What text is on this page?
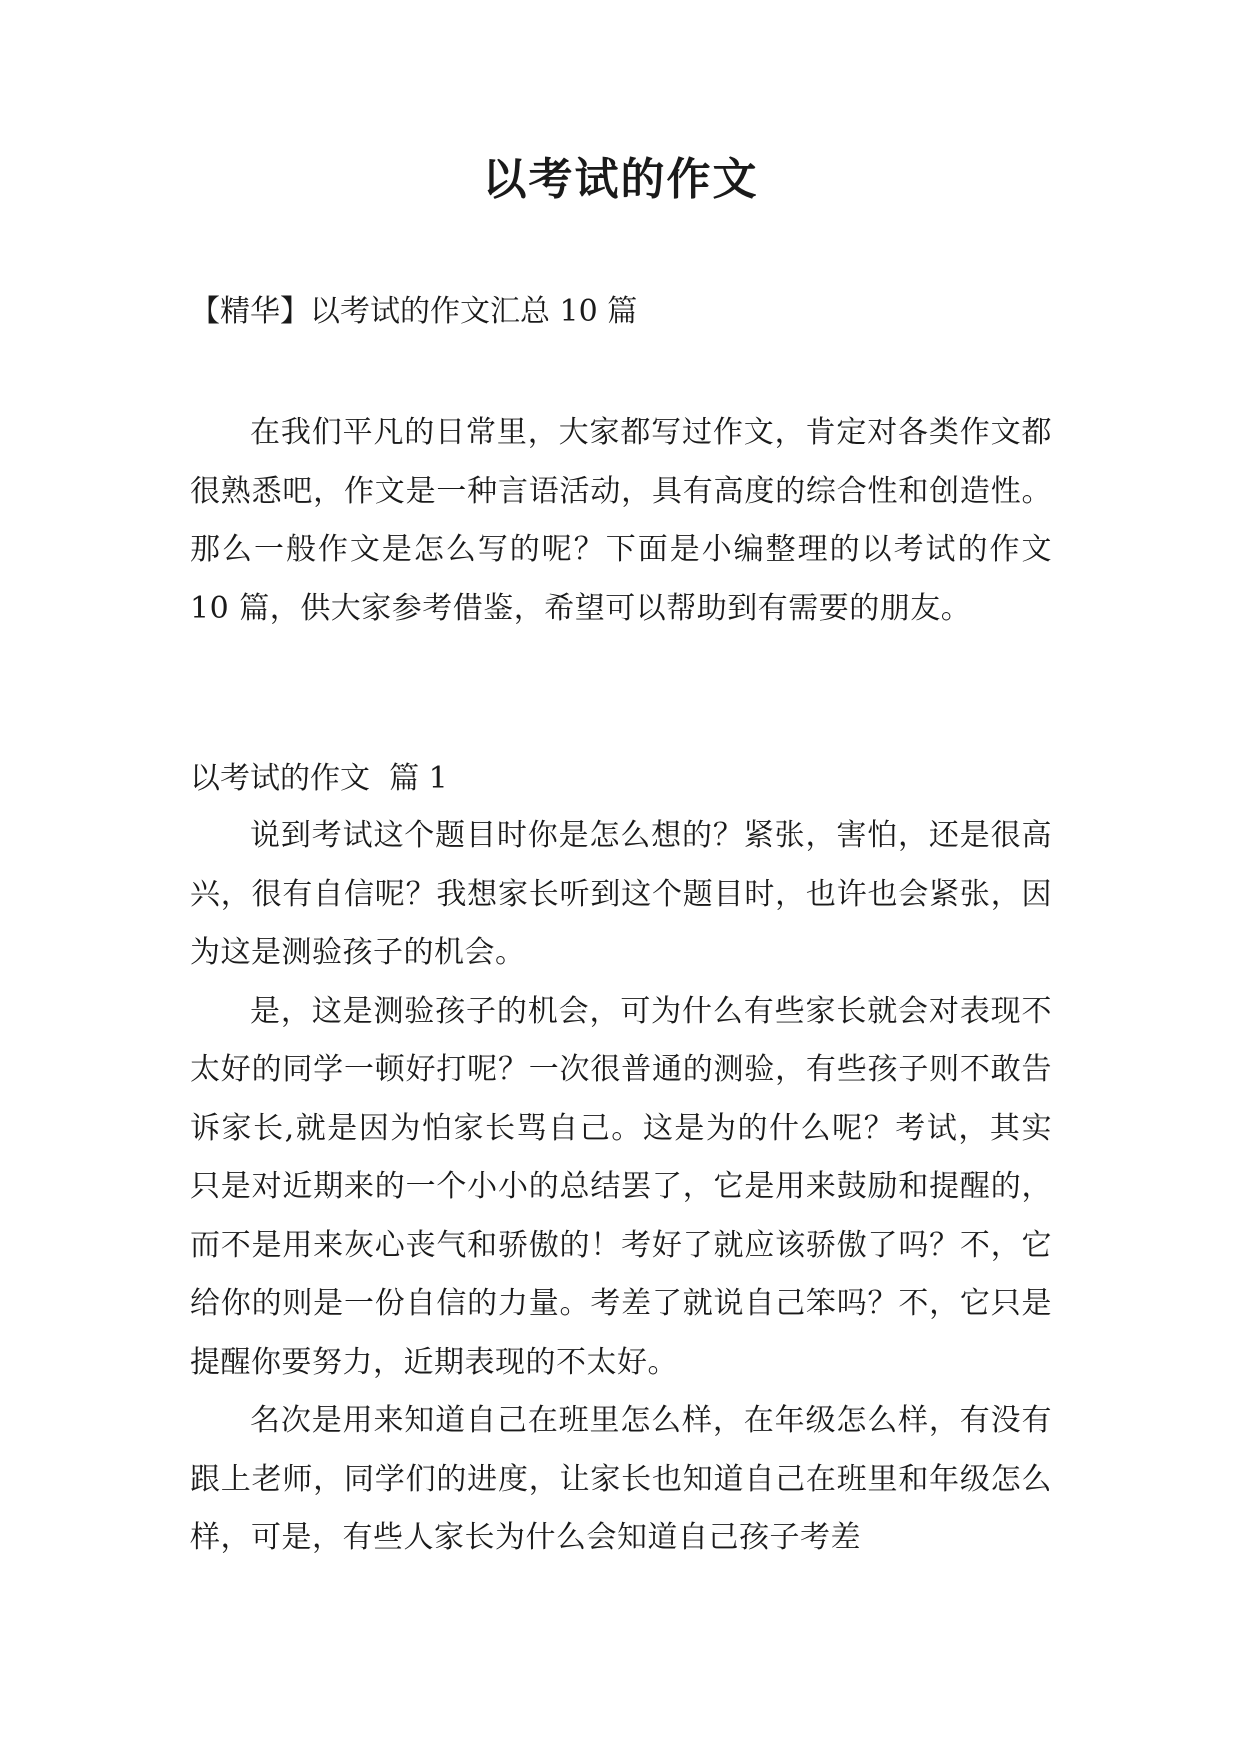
以考试的作文
【精华】以考试的作文汇总 10 篇

在我们平凡的日常里，大家都写过作文，肯定对各类作文都很熟悉吧，作文是一种言语活动，具有高度的综合性和创造性。那么一般作文是怎么写的呢？下面是小编整理的以考试的作文 10 篇，供大家参考借鉴，希望可以帮助到有需要的朋友。

以考试的作文  篇 1

说到考试这个题目时你是怎么想的？紧张，害怕，还是很高兴，很有自信呢？我想家长听到这个题目时，也许也会紧张，因为这是测验孩子的机会。

是，这是测验孩子的机会，可为什么有些家长就会对表现不太好的同学一顿好打呢？一次很普通的测验，有些孩子则不敢告诉家长,就是因为怕家长骂自己。这是为的什么呢？考试，其实只是对近期来的一个小小的总结罢了，它是用来鼓励和提醒的，而不是用来灰心丧气和骄傲的！考好了就应该骄傲了吗？不，它给你的则是一份自信的力量。考差了就说自己笨吗？不，它只是提醒你要努力，近期表现的不太好。

名次是用来知道自己在班里怎么样，在年级怎么样，有没有跟上老师，同学们的进度，让家长也知道自己在班里和年级怎么样，可是，有些人家长为什么会知道自己孩子考差
